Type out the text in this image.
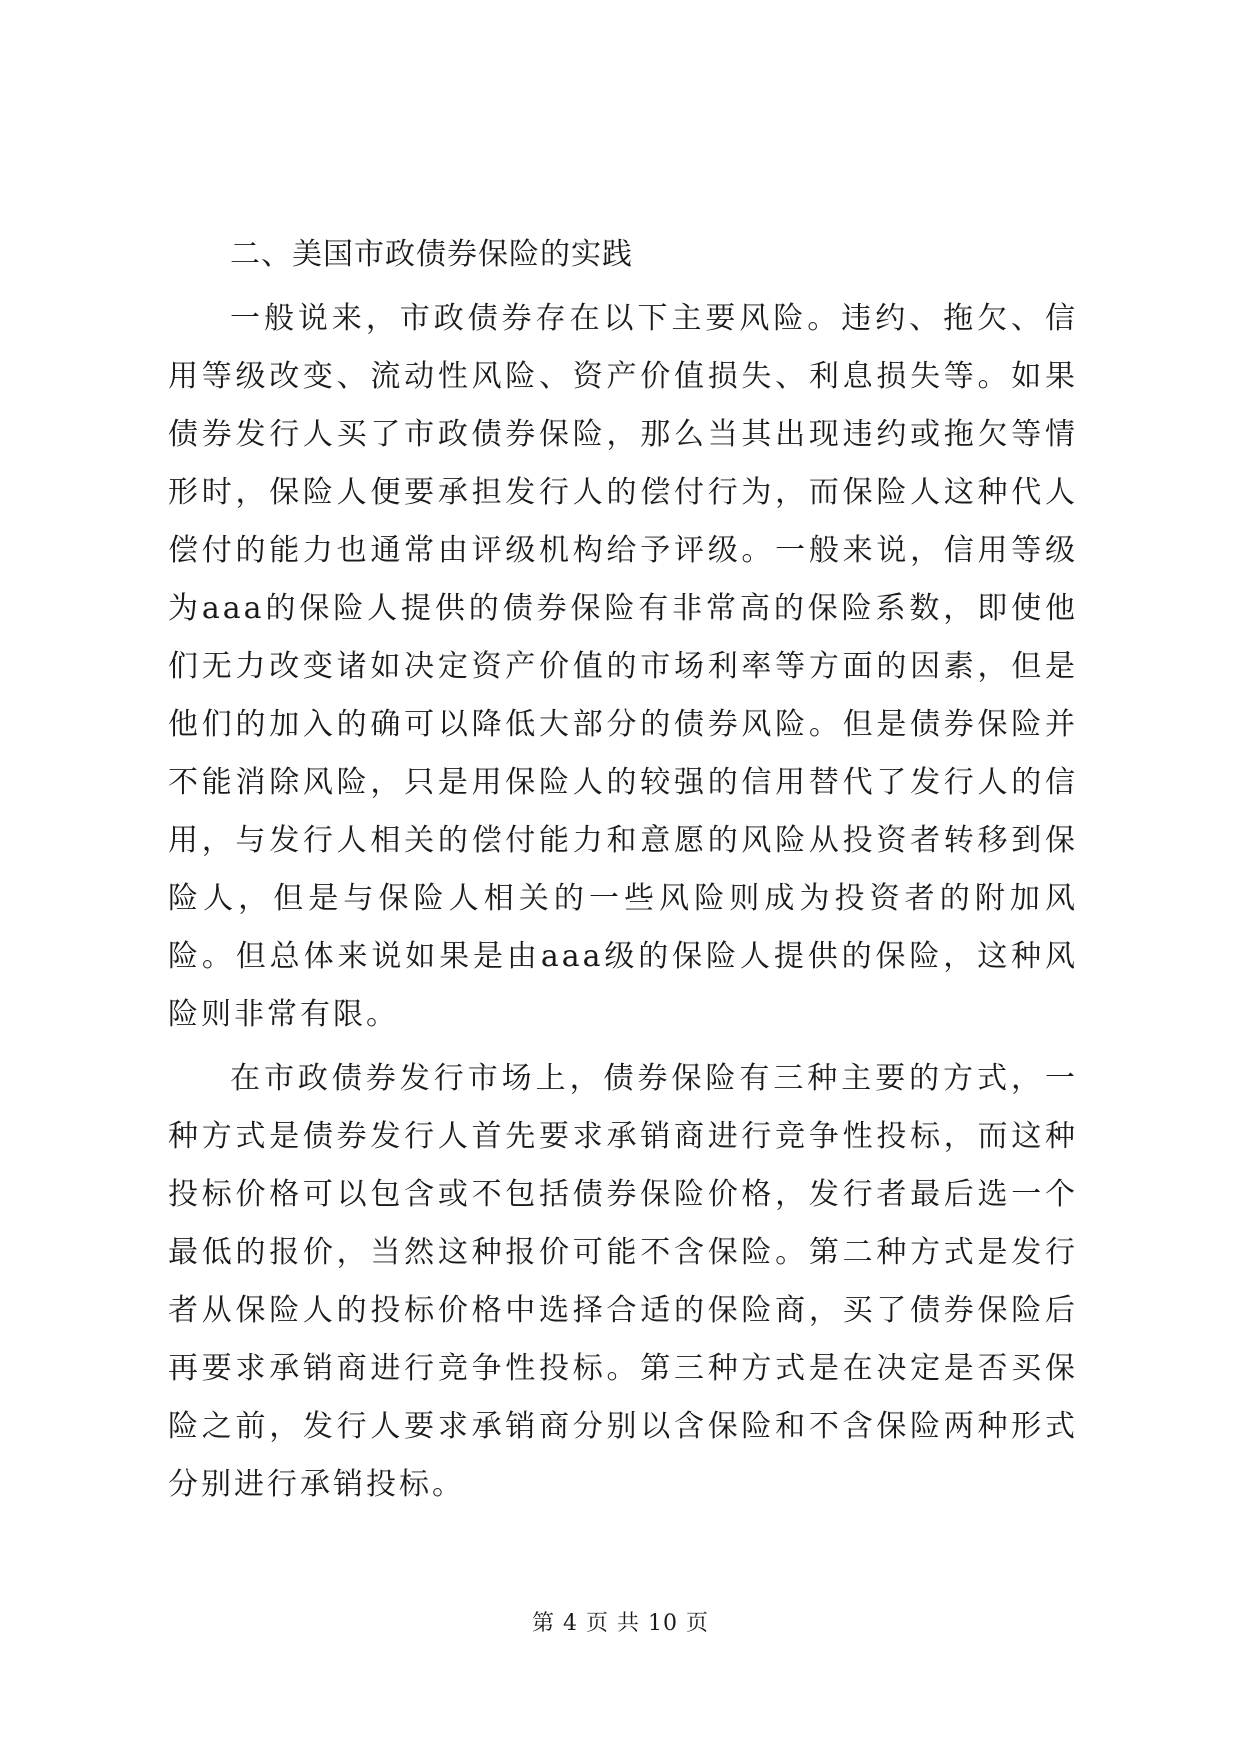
二、美国市政债券保险的实践

一般说来，市政债券存在以下主要风险。违约、拖欠、信用等级改变、流动性风险、资产价值损失、利息损失等。如果债券发行人买了市政债券保险，那么当其出现违约或拖欠等情形时，保险人便要承担发行人的偿付行为，而保险人这种代人偿付的能力也通常由评级机构给予评级。一般来说，信用等级为aaa的保险人提供的债券保险有非常高的保险系数，即使他们无力改变诸如决定资产价值的市场利率等方面的因素，但是他们的加入的确可以降低大部分的债券风险。但是债券保险并不能消除风险，只是用保险人的较强的信用替代了发行人的信用，与发行人相关的偿付能力和意愿的风险从投资者转移到保险人，但是与保险人相关的一些风险则成为投资者的附加风险。但总体来说如果是由aaa级的保险人提供的保险，这种风险则非常有限。

在市政债券发行市场上，债券保险有三种主要的方式，一种方式是债券发行人首先要求承销商进行竞争性投标，而这种投标价格可以包含或不包括债券保险价格，发行者最后选一个最低的报价，当然这种报价可能不含保险。第二种方式是发行者从保险人的投标价格中选择合适的保险商，买了债券保险后再要求承销商进行竞争性投标。第三种方式是在决定是否买保险之前，发行人要求承销商分别以含保险和不含保险两种形式分别进行承销投标。

第 4 页 共 10 页
